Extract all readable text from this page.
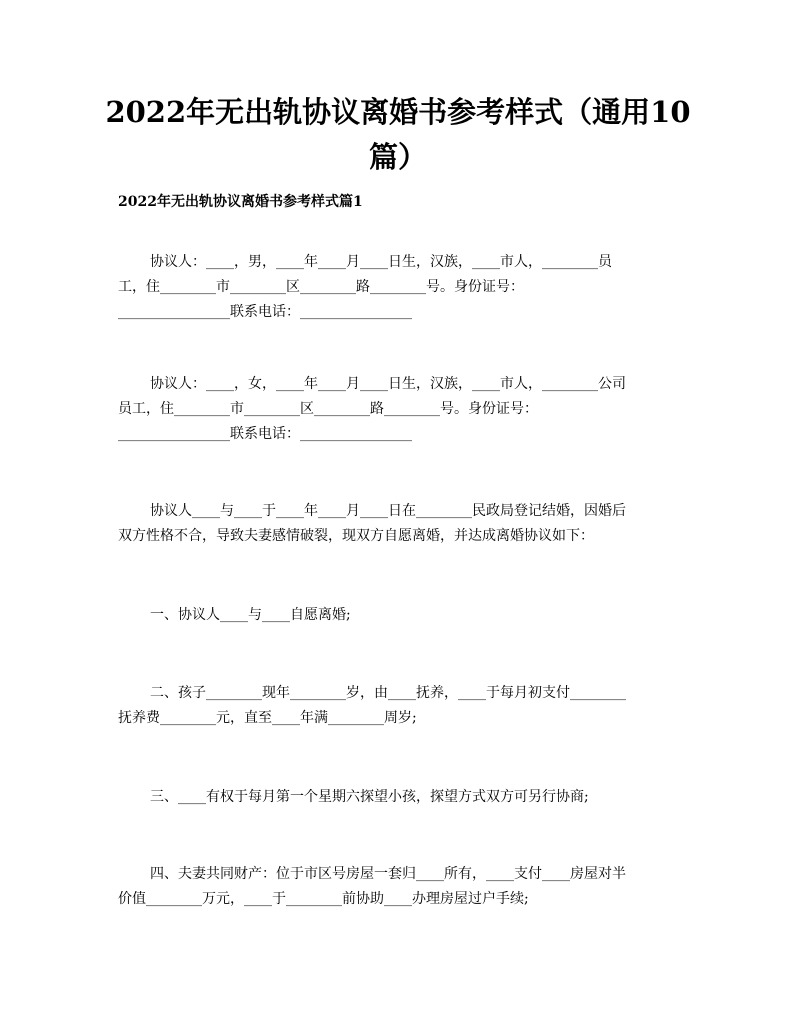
2022年无出轨协议离婚书参考样式（通用10篇）
2022年无出轨协议离婚书参考样式篇1
协议人：____，男，____年____月____日生，汉族，____市人，________员
工，住________市________区________路________号。身份证号：
________________联系电话：________________
协议人：____，女，____年____月____日生，汉族，____市人，________公司
员工，住________市________区________路________号。身份证号：
________________联系电话：________________
协议人____与____于____年____月____日在________民政局登记结婚，因婚后
双方性格不合，导致夫妻感情破裂，现双方自愿离婚，并达成离婚协议如下：
一、协议人____与____自愿离婚;
二、孩子________现年________岁，由____抚养，____于每月初支付________
抚养费________元，直至____年满________周岁;
三、____有权于每月第一个星期六探望小孩，探望方式双方可另行协商;
四、夫妻共同财产：位于市区号房屋一套归____所有，____支付____房屋对半
价值________万元，____于________前协助____办理房屋过户手续;
